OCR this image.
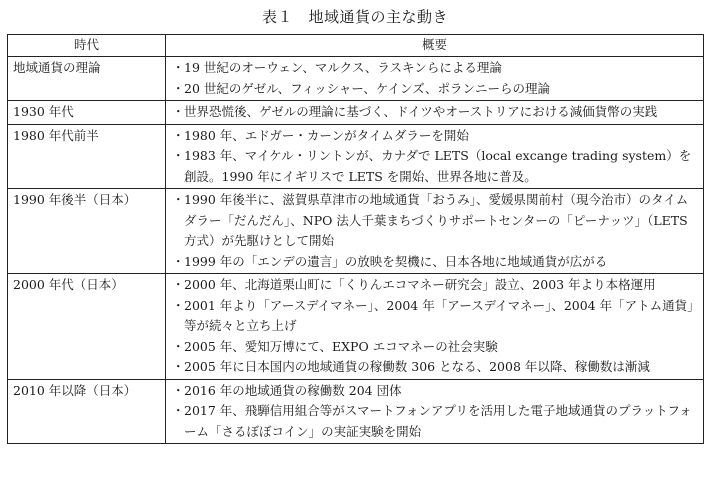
表１　地域通貨の主な動き
時代	概要
地域通貨の理論	・19 世紀のオーウェン、マルクス、ラスキンらによる理論
・20 世紀のゲゼル、フィッシャー、ケインズ、ポランニーらの理論

1930 年代	・世界恐慌後、ゲゼルの理論に基づく、ドイツやオーストリアにおける減価貨幣の実践

1980 年代前半	・1980 年、エドガー・カーンがタイムダラーを開始
・1983 年、マイケル・リントンが、カナダで LETS（local excange trading system）を創設。1990 年にイギリスで LETS を開始、世界各地に普及。

1990 年後半（日本）	・1990 年後半に、滋賀県草津市の地域通貨「おうみ」、愛媛県関前村（現今治市）のタイムダラー「だんだん」、NPO 法人千葉まちづくりサポートセンターの「ピーナッツ」（LETS 方式）が先駆けとして開始
・1999 年の「エンデの遺言」の放映を契機に、日本各地に地域通貨が広がる

2000 年代（日本）	・2000 年、北海道栗山町に「くりんエコマネー研究会」設立、2003 年より本格運用
・2001 年より「アースデイマネー」、2004 年「アースデイマネー」、2004 年「アトム通貨」等が続々と立ち上げ
・2005 年、愛知万博にて、EXPO エコマネーの社会実験
・2005 年に日本国内の地域通貨の稼働数 306 となる、2008 年以降、稼働数は漸減

2010 年以降（日本）	・2016 年の地域通貨の稼働数 204 団体
・2017 年、飛騨信用組合等がスマートフォンアプリを活用した電子地域通貨のプラットフォーム「さるぼぼコイン」の実証実験を開始
